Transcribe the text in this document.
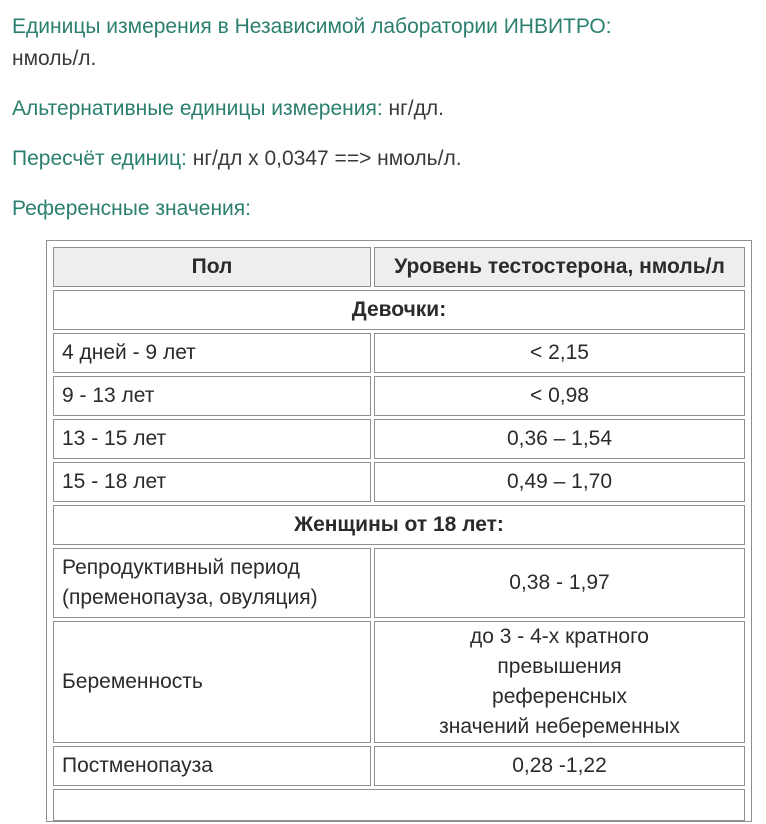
Единицы измерения в Независимой лаборатории ИНВИТРО:
нмоль/л.
Альтернативные единицы измерения: нг/дл.
Пересчёт единиц: нг/дл х 0,0347 ==> нмоль/л.
Референсные значения:
Пол	Уровень тестостерона, нмоль/л
Девочки:	
4 дней - 9 лет	< 2,15
9 - 13 лет	< 0,98
13 - 15 лет	0,36 – 1,54
15 - 18 лет	0,49 – 1,70
Женщины от 18 лет:	

Репродуктивный период
(пременопауза, овуляция)	0,38 - 1,97
Беременность	до 3 - 4-х кратного
превышения
референсных
значений небеременных

Постменопауза	0,28 -1,22
